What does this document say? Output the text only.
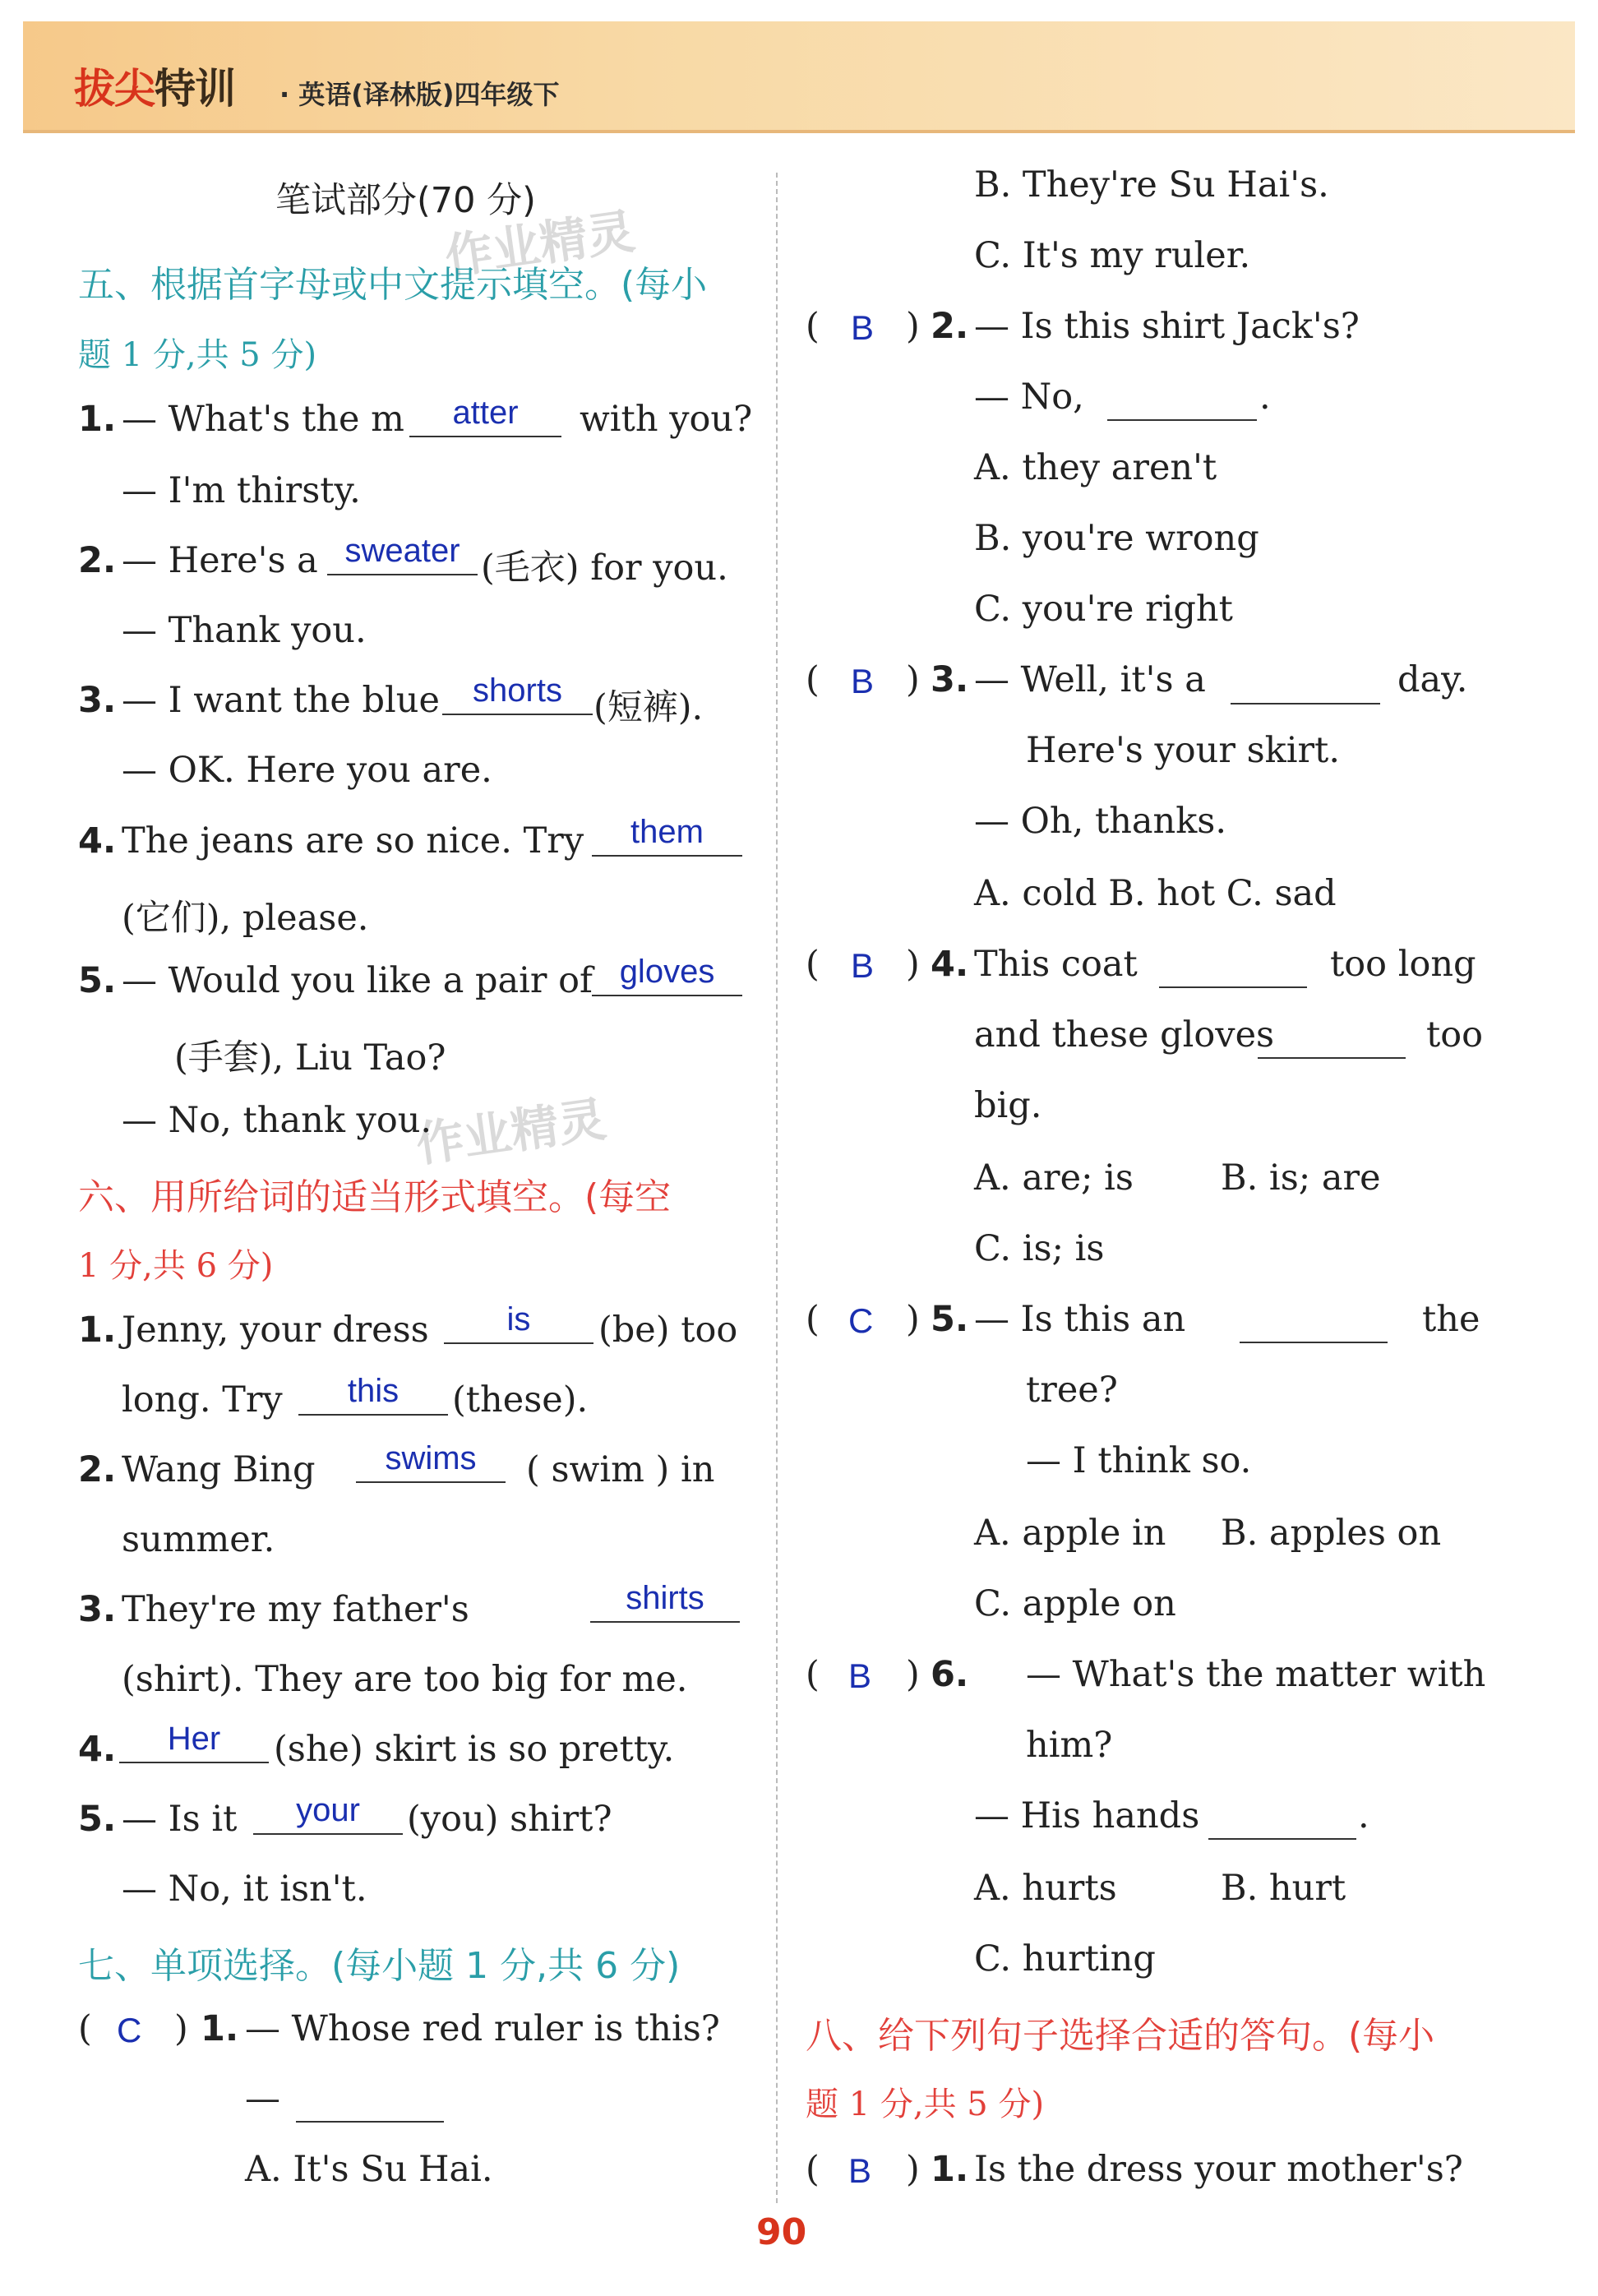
拔尖特训 · 英语(译林版)四年级下
作业精灵
作业精灵
笔试部分(70 分)
五、根据首字母或中文提示填空。(每小
题 1 分,共 5 分)
1. — What's the m	atter	with you?
— I'm thirsty.
2. — Here's a sweater (毛衣) for you.
— Thank you.
3. — I want the blue	shorts (短裤).
— OK. Here you are.
4. The jeans are so nice. Try	them
(它们), please.
5. — Would you like a pair of gloves
(手套), Liu Tao?
— No, thank you.
六、用所给词的适当形式填空。(每空
1 分,共 6 分)
1. Jenny, your dress	is	(be) too
long. Try	this	(these).
2. Wang Bing	swims	( swim ) in
summer.
3. They're my father's	shirts
(shirt). They are too big for me.
4.	Her	(she) skirt is so pretty.
5. — Is it	your	(you) shirt?
— No, it isn't.
七、单项选择。(每小题 1 分,共 6 分)
( C ) 1. — Whose red ruler is this?
—
A. It's Su Hai.
B. They're Su Hai's.
C. It's my ruler.
( B ) 2. — Is this shirt Jack's?
— No,	.
A. they aren't
B. you're wrong
C. you're right
( B ) 3. — Well, it's a	day.
Here's your skirt.
— Oh, thanks.
A. cold B. hot C. sad
( B ) 4. This coat	too long
and these gloves	too
big.
A. are; is B. is; are
C. is; is
( C ) 5. — Is this an	the
tree?
— I think so.
A. apple in B. apples on
C. apple on
( B ) 6. — What's the matter with
him?
— His hands	.
A. hurts	B. hurt
C. hurting
八、给下列句子选择合适的答句。(每小
题 1 分,共 5 分)
( B ) 1. Is the dress your mother's?
90
